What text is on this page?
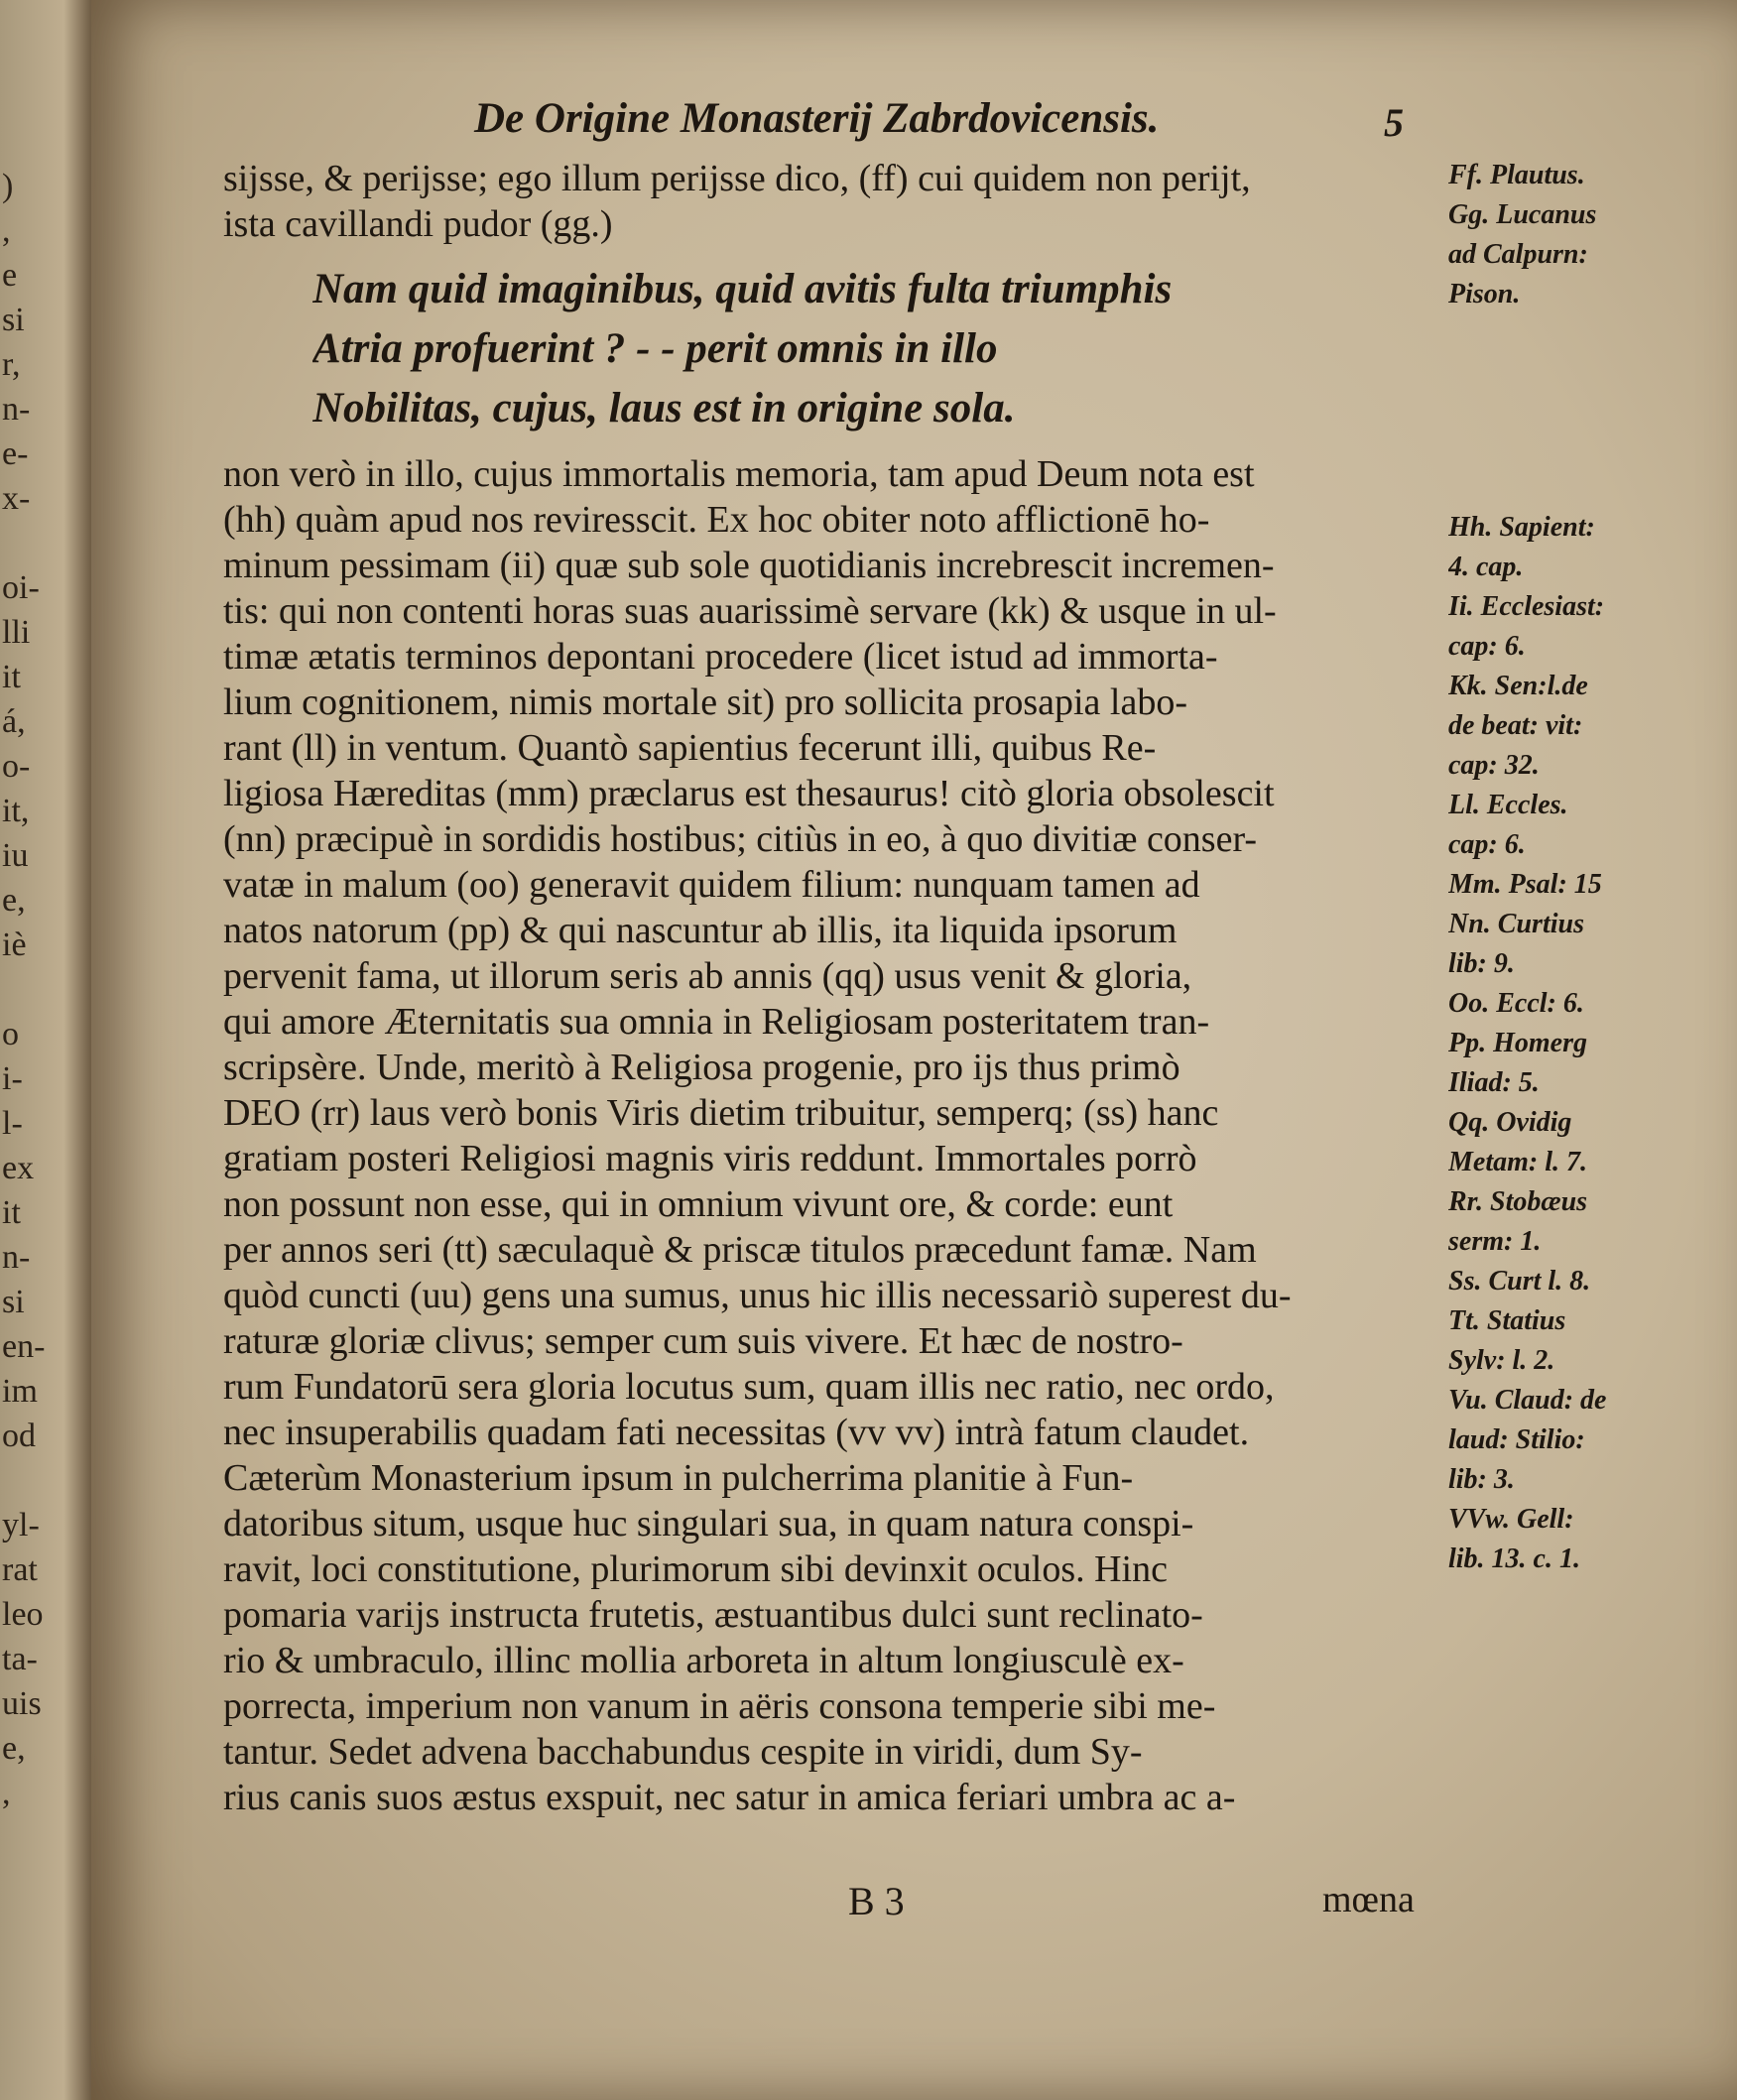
)
,
e
si
r,
n-
e-
x-
oi-
lli
it
á,
o-
it,
iu
e,
iè
o
i-
l-
ex
it
n-
si
en-
im
od
yl-
rat
leo
ta-
uis
e,
,
De Origine Monasterij Zabrdovicensis.	5
sijsse, & perijsse; ego illum perijsse dico, (ff) cui quidem non perijt,
ista cavillandi pudor (gg.)
Nam quid imaginibus, quid avitis fulta triumphis
Atria profuerint ? - - perit omnis in illo
Nobilitas, cujus, laus est in origine sola.
non verò in illo, cujus immortalis memoria, tam apud Deum nota est
(hh) quàm apud nos reviresscit. Ex hoc obiter noto afflictionē ho-
minum pessimam (ii) quæ sub sole quotidianis increbrescit incremen-
tis: qui non contenti horas suas auarissimè servare (kk) & usque in ul-
timæ ætatis terminos depontani procedere (licet istud ad immorta-
lium cognitionem, nimis mortale sit) pro sollicita prosapia labo-
rant (ll) in ventum. Quantò sapientius fecerunt illi, quibus Re-
ligiosa Hæreditas (mm) præclarus est thesaurus! citò gloria obsolescit
(nn) præcipuè in sordidis hostibus; citiùs in eo, à quo divitiæ conser-
vatæ in malum (oo) generavit quidem filium: nunquam tamen ad
natos natorum (pp) & qui nascuntur ab illis, ita liquida ipsorum
pervenit fama, ut illorum seris ab annis (qq) usus venit & gloria,
qui amore Æternitatis sua omnia in Religiosam posteritatem tran-
scripsère. Unde, meritò à Religiosa progenie, pro ijs thus primò
DEO (rr) laus verò bonis Viris dietim tribuitur, semperq; (ss) hanc
gratiam posteri Religiosi magnis viris reddunt. Immortales porrò
non possunt non esse, qui in omnium vivunt ore, & corde: eunt
per annos seri (tt) sæculaquè & priscæ titulos præcedunt famæ. Nam
quòd cuncti (uu) gens una sumus, unus hic illis necessariò superest du-
raturæ gloriæ clivus; semper cum suis vivere. Et hæc de nostro-
rum Fundatorū sera gloria locutus sum, quam illis nec ratio, nec ordo,
nec insuperabilis quadam fati necessitas (vv vv) intrà fatum claudet.
Cæterùm Monasterium ipsum in pulcherrima planitie à Fun-
datoribus situm, usque huc singulari sua, in quam natura conspi-
ravit, loci constitutione, plurimorum sibi devinxit oculos. Hinc
pomaria varijs instructa frutetis, æstuantibus dulci sunt reclinato-
rio & umbraculo, illinc mollia arboreta in altum longiusculè ex-
porrecta, imperium non vanum in aëris consona temperie sibi me-
tantur. Sedet advena bacchabundus cespite in viridi, dum Sy-
rius canis suos æstus exspuit, nec satur in amica feriari umbra ac a-
Ff. Plautus.
Gg. Lucanus
ad Calpurn:
Pison.
Hh. Sapient:
4. cap.
Ii. Ecclesiast:
cap: 6.
Kk. Sen:l.de
de beat: vit:
cap: 32.
Ll. Eccles.
cap: 6.
Mm. Psal: 15
Nn. Curtius
lib: 9.
Oo. Eccl: 6.
Pp. Homerg
Iliad: 5.
Qq. Ovidig
Metam: l. 7.
Rr. Stobæus
serm: 1.
Ss. Curt l. 8.
Tt. Statius
Sylv: l. 2.
Vu. Claud: de
laud: Stilio:
lib: 3.
VVw. Gell:
lib. 13. c. 1.
B 3	mœna
